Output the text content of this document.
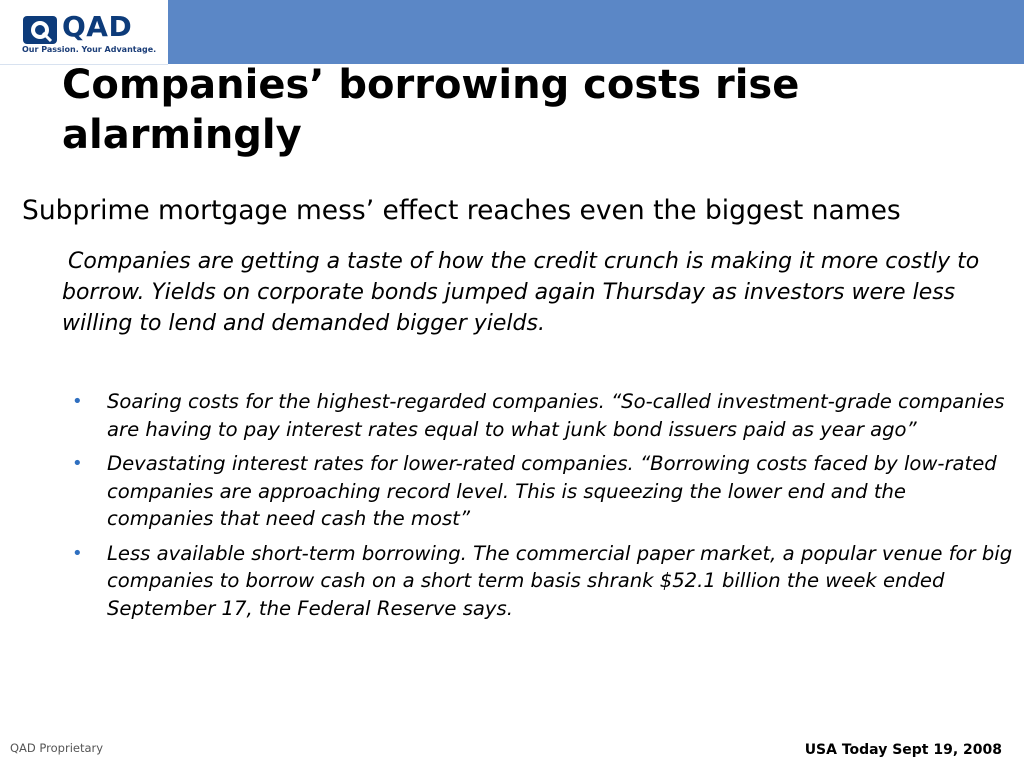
QAD
Our Passion. Your Advantage.
Companies’ borrowing costs rise alarmingly
Subprime mortgage mess’ effect reaches even the biggest names
Companies are getting a taste of how the credit crunch is making it more costly to borrow. Yields on corporate bonds jumped again Thursday as investors were less willing to lend and demanded bigger yields.
• Soaring costs for the highest-regarded companies. “So-called investment-grade companies are having to pay interest rates equal to what junk bond issuers paid as year ago”
• Devastating interest rates for lower-rated companies. “Borrowing costs faced by low-rated companies are approaching record level. This is squeezing the lower end and the companies that need cash the most”
• Less available short-term borrowing. The commercial paper market, a popular venue for big companies to borrow cash on a short term basis shrank $52.1 billion the week ended September 17, the Federal Reserve says.
QAD Proprietary	USA Today Sept 19, 2008
